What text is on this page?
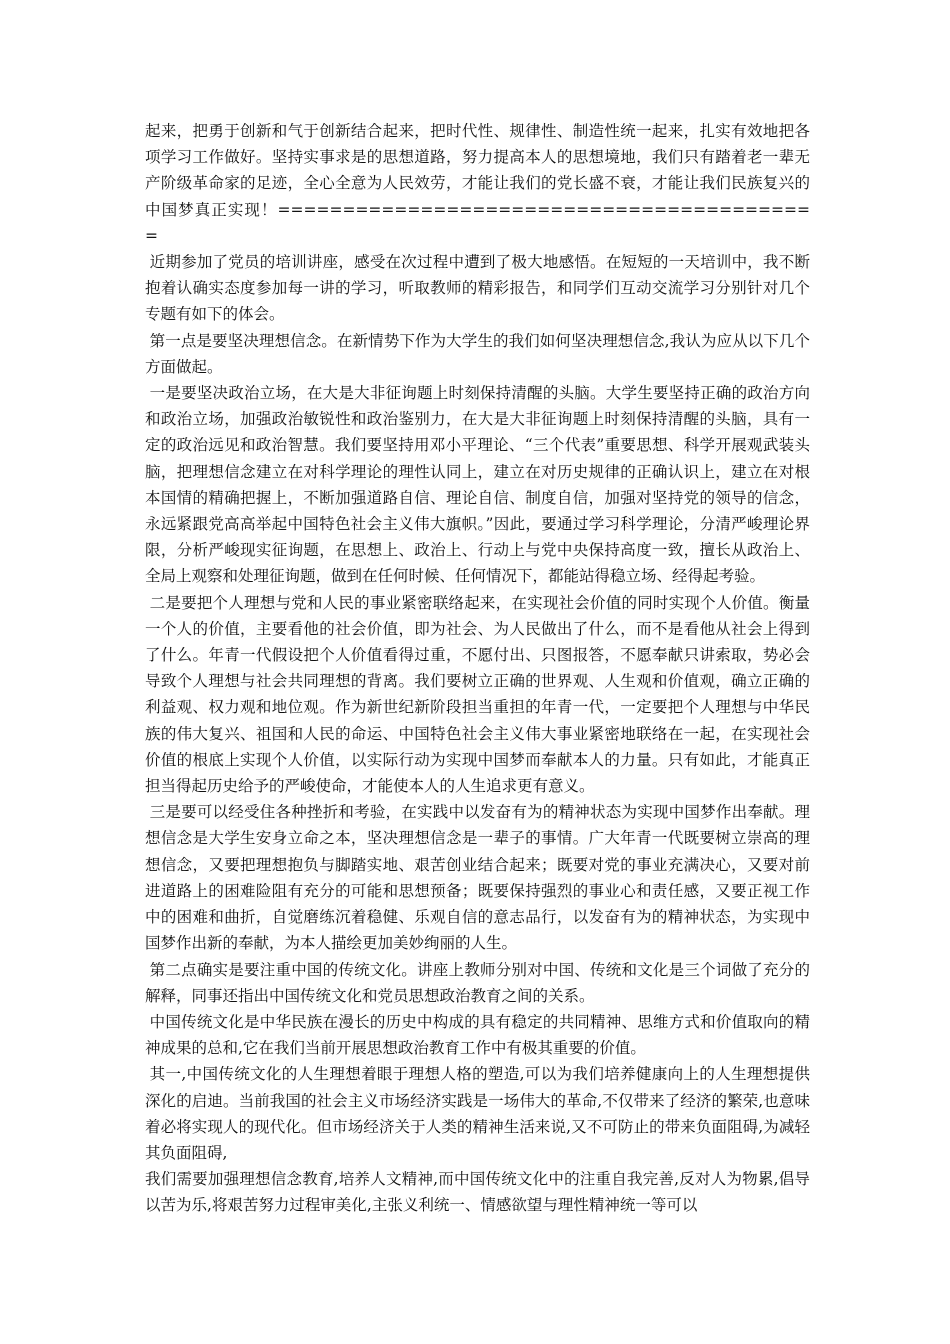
起来，把勇于创新和气于创新结合起来，把时代性、规律性、制造性统一起来，扎实有效地把各项学习工作做好。坚持实事求是的思想道路，努力提高本人的思想境地，我们只有踏着老一辈无产阶级革命家的足迹，全心全意为人民效劳，才能让我们的党长盛不衰，才能让我们民族复兴的中国梦真正实现！==========================================

近期参加了党员的培训讲座，感受在次过程中遭到了极大地感悟。在短短的一天培训中，我不断抱着认确实态度参加每一讲的学习，听取教师的精彩报告，和同学们互动交流学习分别针对几个专题有如下的体会。

第一点是要坚决理想信念。在新情势下作为大学生的我们如何坚决理想信念,我认为应从以下几个方面做起。

一是要坚决政治立场，在大是大非征询题上时刻保持清醒的头脑。大学生要坚持正确的政治方向和政治立场，加强政治敏锐性和政治鉴别力，在大是大非征询题上时刻保持清醒的头脑，具有一定的政治远见和政治智慧。我们要坚持用邓小平理论、“三个代表”重要思想、科学开展观武装头脑，把理想信念建立在对科学理论的理性认同上，建立在对历史规律的正确认识上，建立在对根本国情的精确把握上，不断加强道路自信、理论自信、制度自信，加强对坚持党的领导的信念，永远紧跟党高高举起中国特色社会主义伟大旗帜。”因此，要通过学习科学理论，分清严峻理论界限，分析严峻现实征询题，在思想上、政治上、行动上与党中央保持高度一致，擅长从政治上、全局上观察和处理征询题，做到在任何时候、任何情况下，都能站得稳立场、经得起考验。

二是要把个人理想与党和人民的事业紧密联络起来，在实现社会价值的同时实现个人价值。衡量一个人的价值，主要看他的社会价值，即为社会、为人民做出了什么，而不是看他从社会上得到了什么。年青一代假设把个人价值看得过重，不愿付出、只图报答，不愿奉献只讲索取，势必会导致个人理想与社会共同理想的背离。我们要树立正确的世界观、人生观和价值观，确立正确的利益观、权力观和地位观。作为新世纪新阶段担当重担的年青一代，一定要把个人理想与中华民族的伟大复兴、祖国和人民的命运、中国特色社会主义伟大事业紧密地联络在一起，在实现社会价值的根底上实现个人价值，以实际行动为实现中国梦而奉献本人的力量。只有如此，才能真正担当得起历史给予的严峻使命，才能使本人的人生追求更有意义。

三是要可以经受住各种挫折和考验，在实践中以发奋有为的精神状态为实现中国梦作出奉献。理想信念是大学生安身立命之本，坚决理想信念是一辈子的事情。广大年青一代既要树立崇高的理想信念，又要把理想抱负与脚踏实地、艰苦创业结合起来；既要对党的事业充满决心，又要对前进道路上的困难险阻有充分的可能和思想预备；既要保持强烈的事业心和责任感，又要正视工作中的困难和曲折，自觉磨练沉着稳健、乐观自信的意志品行，以发奋有为的精神状态，为实现中国梦作出新的奉献，为本人描绘更加美妙绚丽的人生。

第二点确实是要注重中国的传统文化。讲座上教师分别对中国、传统和文化是三个词做了充分的解释，同事还指出中国传统文化和党员思想政治教育之间的关系。

中国传统文化是中华民族在漫长的历史中构成的具有稳定的共同精神、思维方式和价值取向的精神成果的总和,它在我们当前开展思想政治教育工作中有极其重要的价值。

其一,中国传统文化的人生理想着眼于理想人格的塑造,可以为我们培养健康向上的人生理想提供深化的启迪。当前我国的社会主义市场经济实践是一场伟大的革命,不仅带来了经济的繁荣,也意味着必将实现人的现代化。但市场经济关于人类的精神生活来说,又不可防止的带来负面阻碍,为减轻其负面阻碍,

我们需要加强理想信念教育,培养人文精神,而中国传统文化中的注重自我完善,反对人为物累,倡导以苦为乐,将艰苦努力过程审美化,主张义利统一、情感欲望与理性精神统一等可以
